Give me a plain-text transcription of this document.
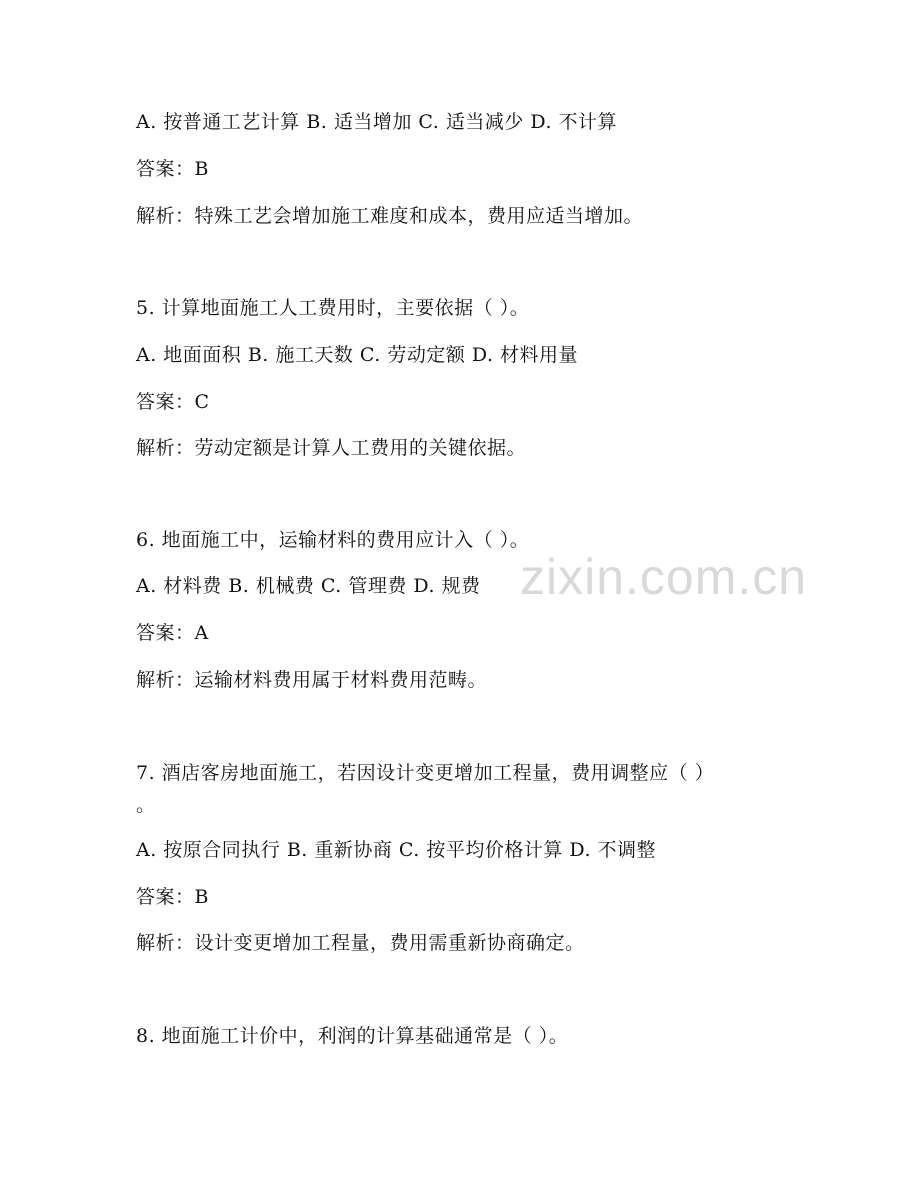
zixin.com.cn
A. 按普通工艺计算 B. 适当增加 C. 适当减少 D. 不计算
答案：B
解析：特殊工艺会增加施工难度和成本，费用应适当增加。
5. 计算地面施工人工费用时，主要依据（ ）。
A. 地面面积 B. 施工天数 C. 劳动定额 D. 材料用量
答案：C
解析：劳动定额是计算人工费用的关键依据。
6. 地面施工中，运输材料的费用应计入（ ）。
A. 材料费 B. 机械费 C. 管理费 D. 规费
答案：A
解析：运输材料费用属于材料费用范畴。
7. 酒店客房地面施工，若因设计变更增加工程量，费用调整应（ ）
。
A. 按原合同执行 B. 重新协商 C. 按平均价格计算 D. 不调整
答案：B
解析：设计变更增加工程量，费用需重新协商确定。
8. 地面施工计价中，利润的计算基础通常是（ ）。
